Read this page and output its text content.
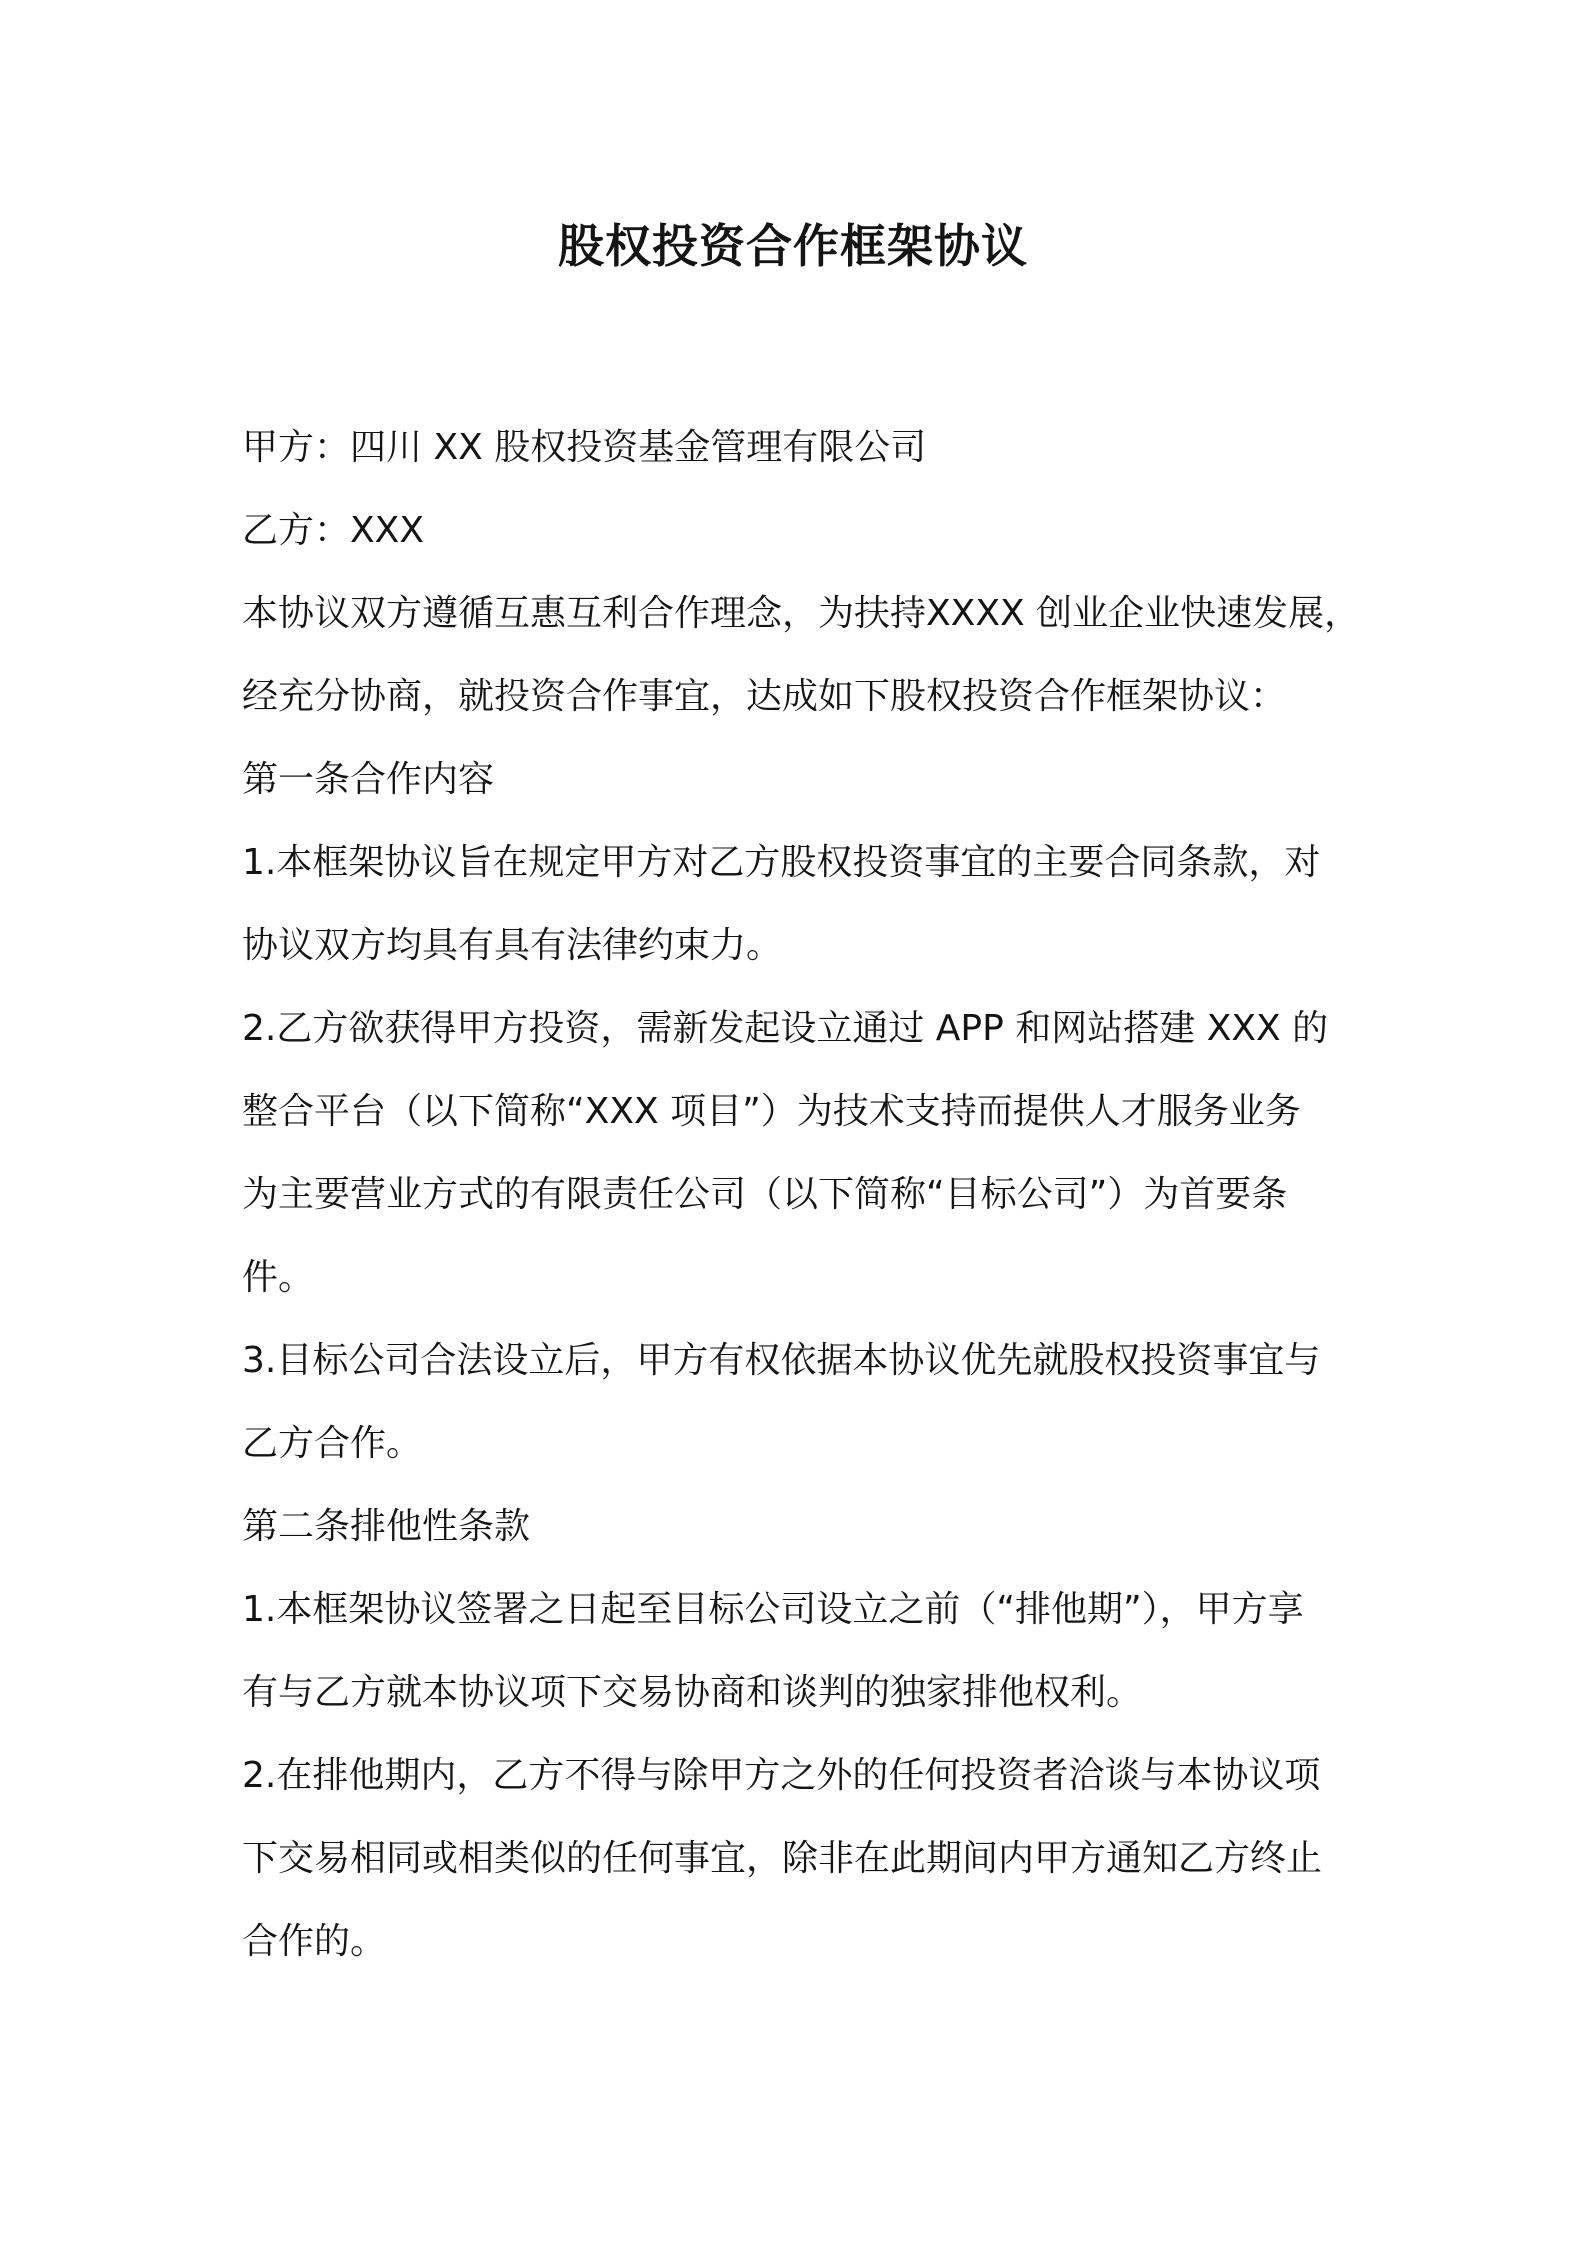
股权投资合作框架协议

甲方：四川 XX 股权投资基金管理有限公司

乙方：XXX

本协议双方遵循互惠互利合作理念，为扶持XXXX 创业企业快速发展，

经充分协商，就投资合作事宜，达成如下股权投资合作框架协议：

第一条合作内容

1.本框架协议旨在规定甲方对乙方股权投资事宜的主要合同条款，对

协议双方均具有具有法律约束力。

2.乙方欲获得甲方投资，需新发起设立通过 APP 和网站搭建 XXX 的

整合平台（以下简称“XXX 项目”）为技术支持而提供人才服务业务

为主要营业方式的有限责任公司（以下简称“目标公司”）为首要条

件。

3.目标公司合法设立后，甲方有权依据本协议优先就股权投资事宜与

乙方合作。

第二条排他性条款

1.本框架协议签署之日起至目标公司设立之前（“排他期”），甲方享

有与乙方就本协议项下交易协商和谈判的独家排他权利。

2.在排他期内，乙方不得与除甲方之外的任何投资者洽谈与本协议项

下交易相同或相类似的任何事宜，除非在此期间内甲方通知乙方终止

合作的。
